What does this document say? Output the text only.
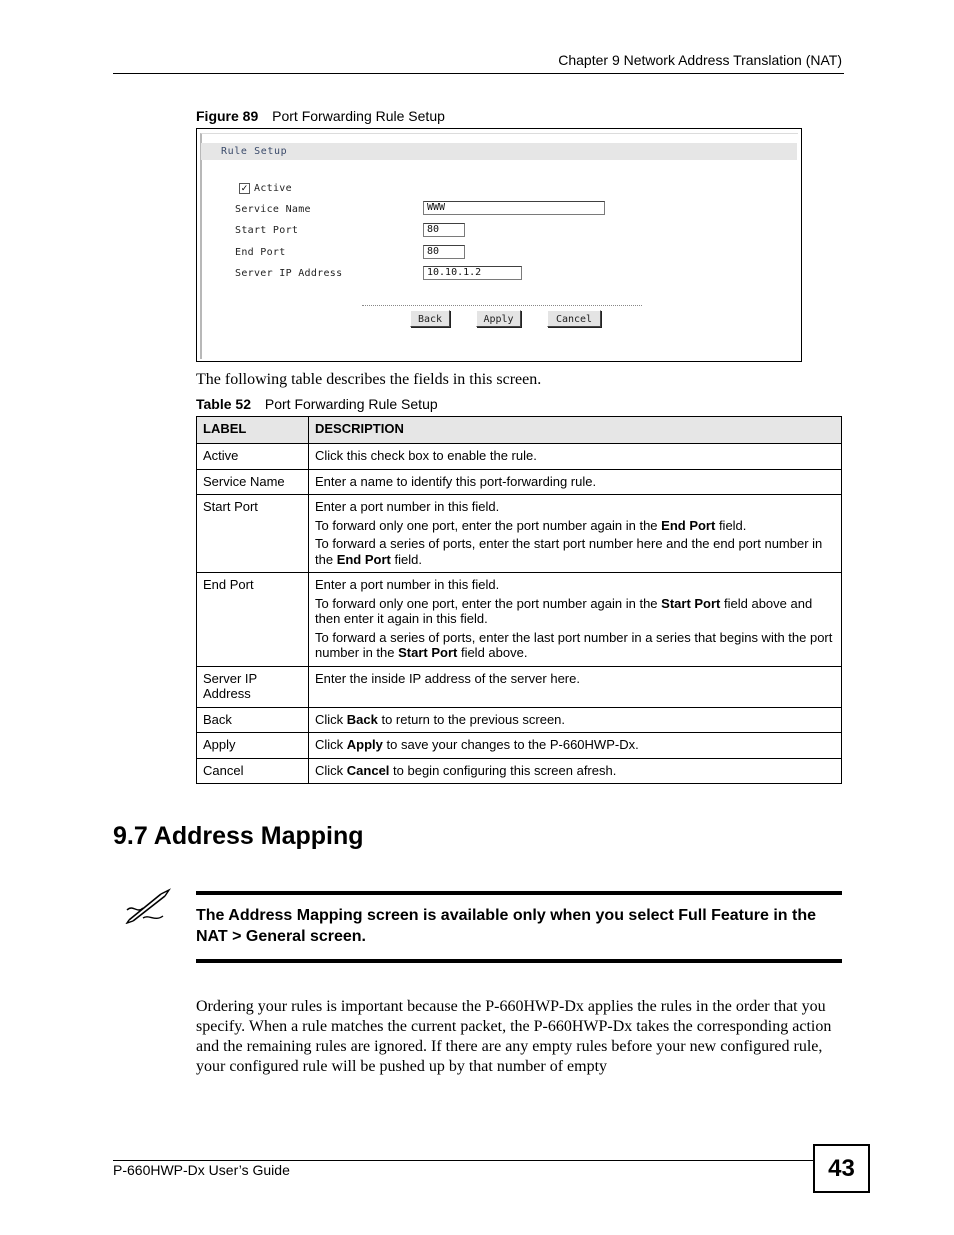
Chapter 9 Network Address Translation (NAT)
Figure 89 Port Forwarding Rule Setup
Rule Setup
✓ Active
Service Name
WWW
Start Port
80
End Port
80
Server IP Address
10.10.1.2
Back	Apply	Cancel
The following table describes the fields in this screen.
Table 52 Port Forwarding Rule Setup
LABEL	DESCRIPTION
Active	Click this check box to enable the rule.

Service Name	Enter a name to identify this port-forwarding rule.

Start Port	Enter a port number in this field.

To forward only one port, enter the port number again in the End Port field.

To forward a series of ports, enter the start port number here and the end port number in the End Port field.

End Port	Enter a port number in this field.

To forward only one port, enter the port number again in the Start Port field above and then enter it again in this field.

To forward a series of ports, enter the last port number in a series that begins with the port number in the Start Port field above.

Server IP Address	Enter the inside IP address of the server here.

Back	Click Back to return to the previous screen.

Apply	Click Apply to save your changes to the P-660HWP-Dx.

Cancel	Click Cancel to begin configuring this screen afresh.

9.7 Address Mapping
The Address Mapping screen is available only when you select Full Feature in the NAT > General screen.
Ordering your rules is important because the P-660HWP-Dx applies the rules in the order that you specify. When a rule matches the current packet, the P-660HWP-Dx takes the corresponding action and the remaining rules are ignored. If there are any empty rules before your new configured rule, your configured rule will be pushed up by that number of empty
P-660HWP-Dx User’s Guide	43
